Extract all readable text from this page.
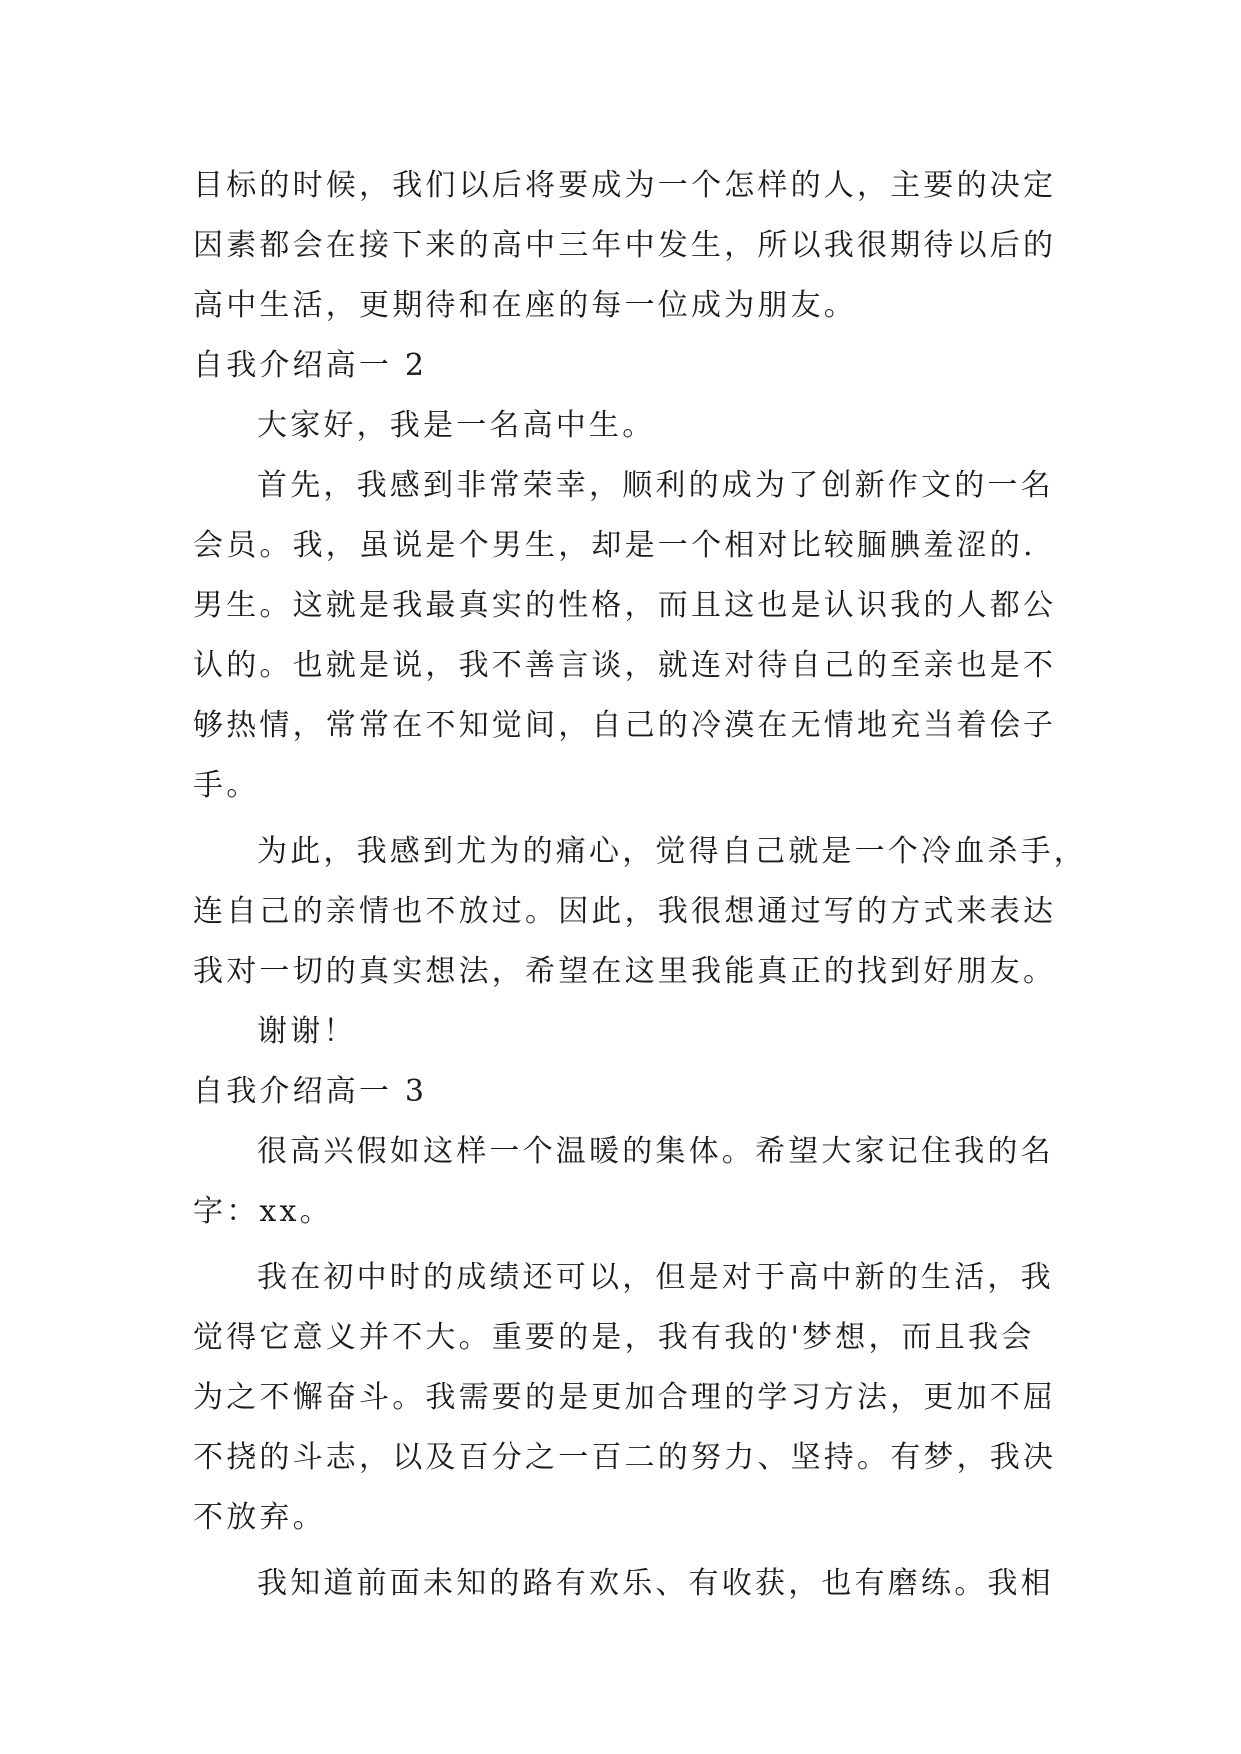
目标的时候，我们以后将要成为一个怎样的人，主要的决定
因素都会在接下来的高中三年中发生，所以我很期待以后的
高中生活，更期待和在座的每一位成为朋友。
自我介绍高一 2
大家好，我是一名高中生。
首先，我感到非常荣幸，顺利的成为了创新作文的一名
会员。我，虽说是个男生，却是一个相对比较腼腆羞涩的.
男生。这就是我最真实的性格，而且这也是认识我的人都公
认的。也就是说，我不善言谈，就连对待自己的至亲也是不
够热情，常常在不知觉间，自己的冷漠在无情地充当着侩子
手。
为此，我感到尤为的痛心，觉得自己就是一个冷血杀手，
连自己的亲情也不放过。因此，我很想通过写的方式来表达
我对一切的真实想法，希望在这里我能真正的找到好朋友。
谢谢！
自我介绍高一 3
很高兴假如这样一个温暖的集体。希望大家记住我的名
字：xx。
我在初中时的成绩还可以，但是对于高中新的生活，我
觉得它意义并不大。重要的是，我有我的'梦想，而且我会
为之不懈奋斗。我需要的是更加合理的学习方法，更加不屈
不挠的斗志，以及百分之一百二的努力、坚持。有梦，我决
不放弃。
我知道前面未知的路有欢乐、有收获，也有磨练。我相
